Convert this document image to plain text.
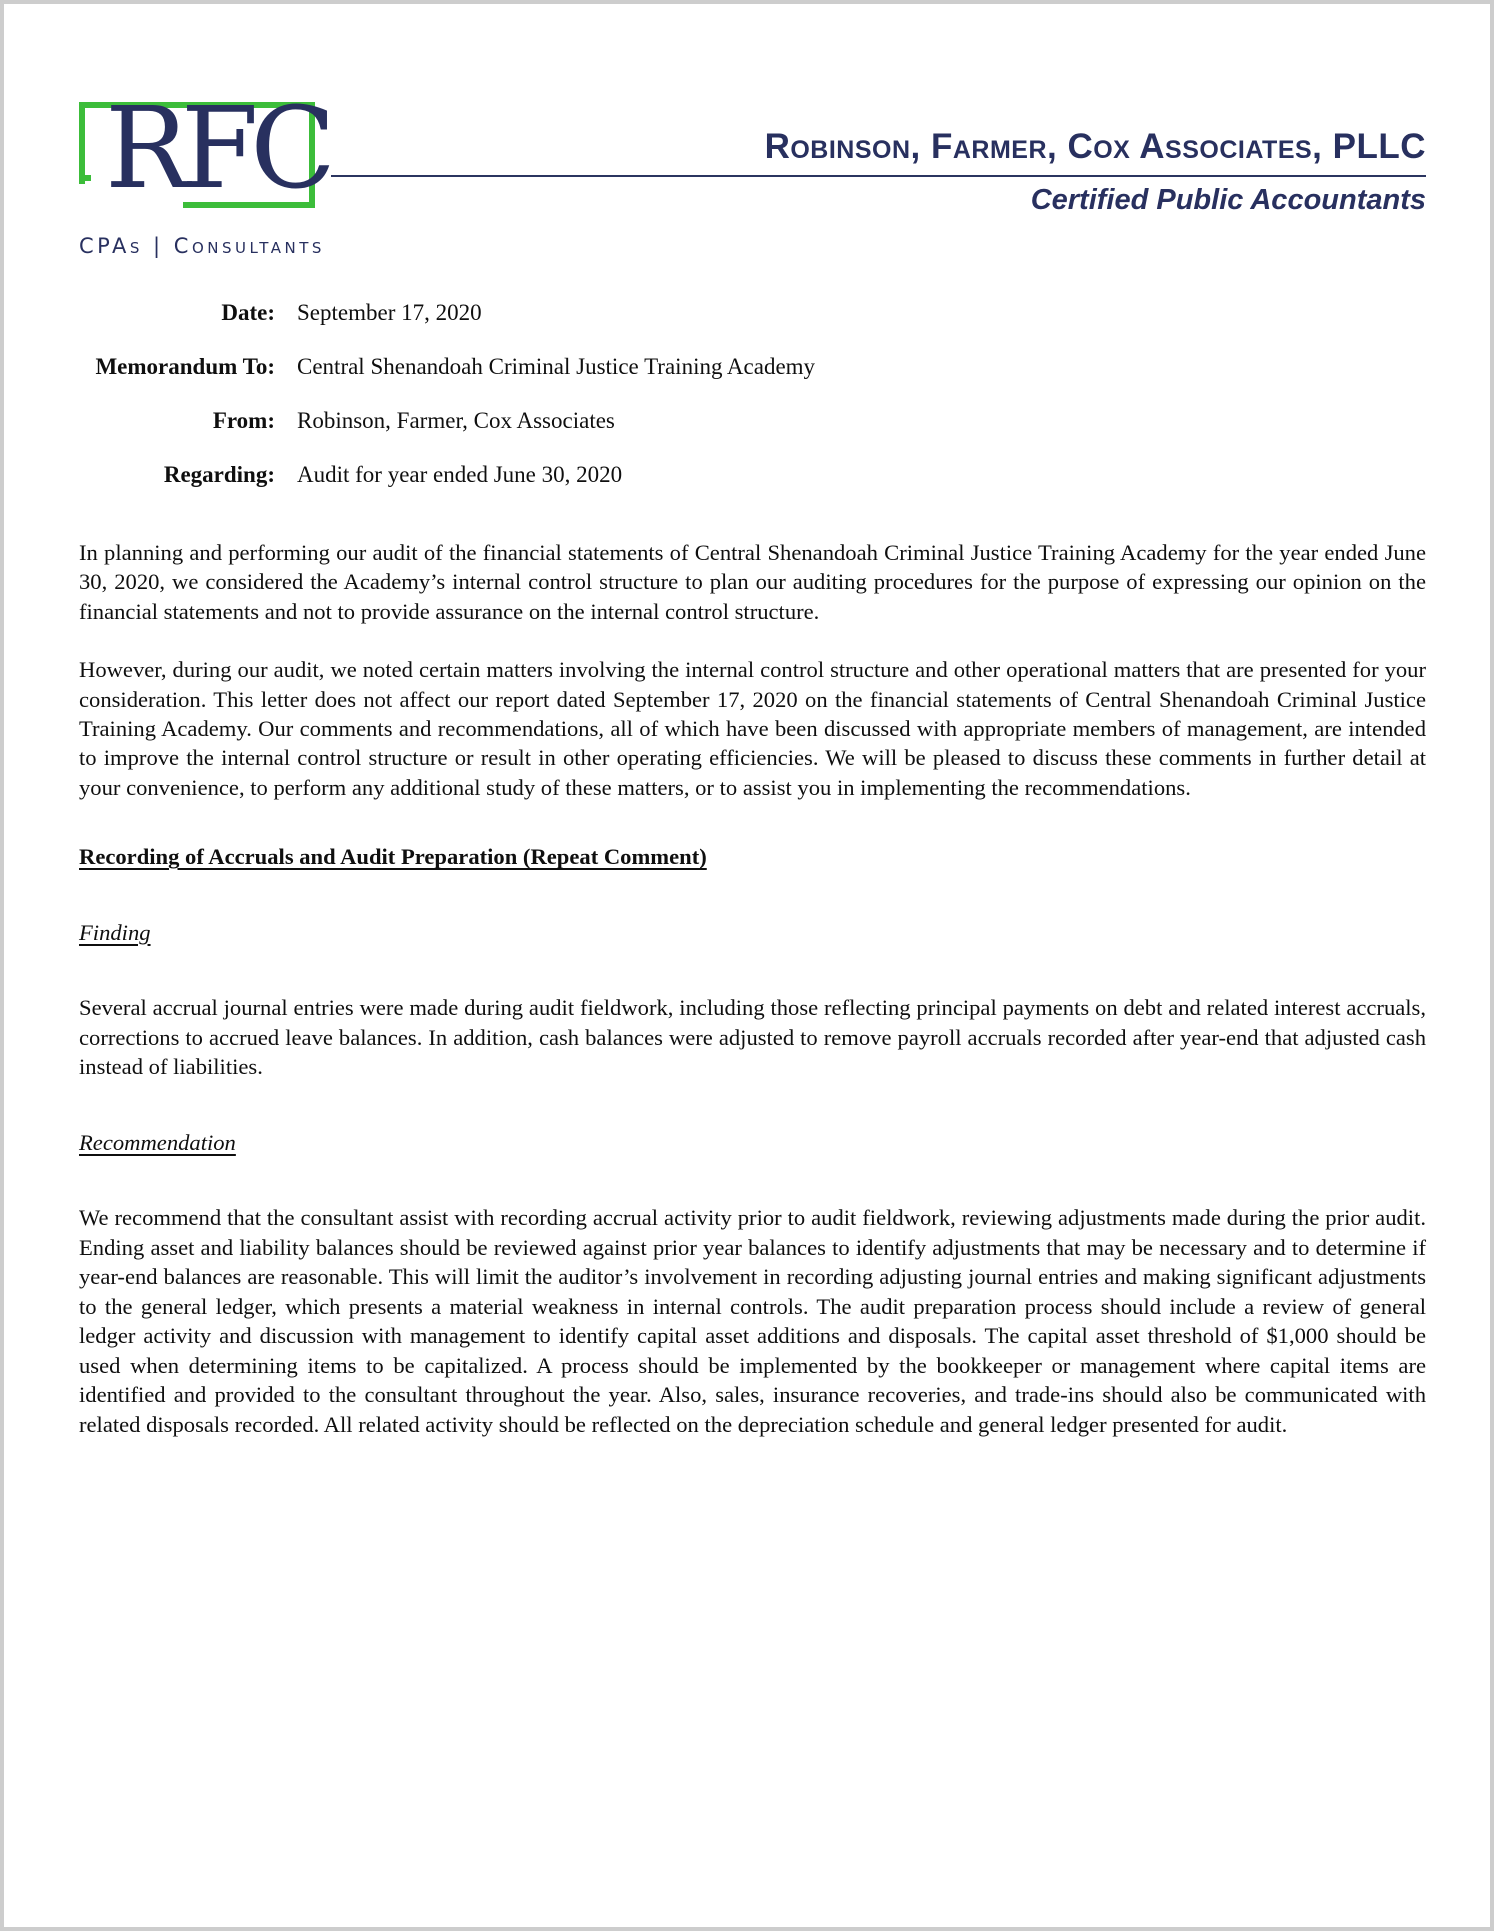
RFC
CPAs | Consultants
Robinson, Farmer, Cox Associates, PLLC
Certified Public Accountants
Date: September 17, 2020
Memorandum To: Central Shenandoah Criminal Justice Training Academy
From: Robinson, Farmer, Cox Associates
Regarding: Audit for year ended June 30, 2020

In planning and performing our audit of the financial statements of Central Shenandoah Criminal Justice Training Academy for the year ended June 30, 2020, we considered the Academy’s internal control structure to plan our auditing procedures for the purpose of expressing our opinion on the financial statements and not to provide assurance on the internal control structure.

However, during our audit, we noted certain matters involving the internal control structure and other operational matters that are presented for your consideration. This letter does not affect our report dated September 17, 2020 on the financial statements of Central Shenandoah Criminal Justice Training Academy. Our comments and recommendations, all of which have been discussed with appropriate members of management, are intended to improve the internal control structure or result in other operating efficiencies. We will be pleased to discuss these comments in further detail at your convenience, to perform any additional study of these matters, or to assist you in implementing the recommendations.

Recording of Accruals and Audit Preparation (Repeat Comment)
Finding

Several accrual journal entries were made during audit fieldwork, including those reflecting principal payments on debt and related interest accruals, corrections to accrued leave balances. In addition, cash balances were adjusted to remove payroll accruals recorded after year-end that adjusted cash instead of liabilities.

Recommendation

We recommend that the consultant assist with recording accrual activity prior to audit fieldwork, reviewing adjustments made during the prior audit. Ending asset and liability balances should be reviewed against prior year balances to identify adjustments that may be necessary and to determine if year-end balances are reasonable. This will limit the auditor’s involvement in recording adjusting journal entries and making significant adjustments to the general ledger, which presents a material weakness in internal controls. The audit preparation process should include a review of general ledger activity and discussion with management to identify capital asset additions and disposals. The capital asset threshold of $1,000 should be used when determining items to be capitalized. A process should be implemented by the bookkeeper or management where capital items are identified and provided to the consultant throughout the year. Also, sales, insurance recoveries, and trade-ins should also be communicated with related disposals recorded. All related activity should be reflected on the depreciation schedule and general ledger presented for audit.
